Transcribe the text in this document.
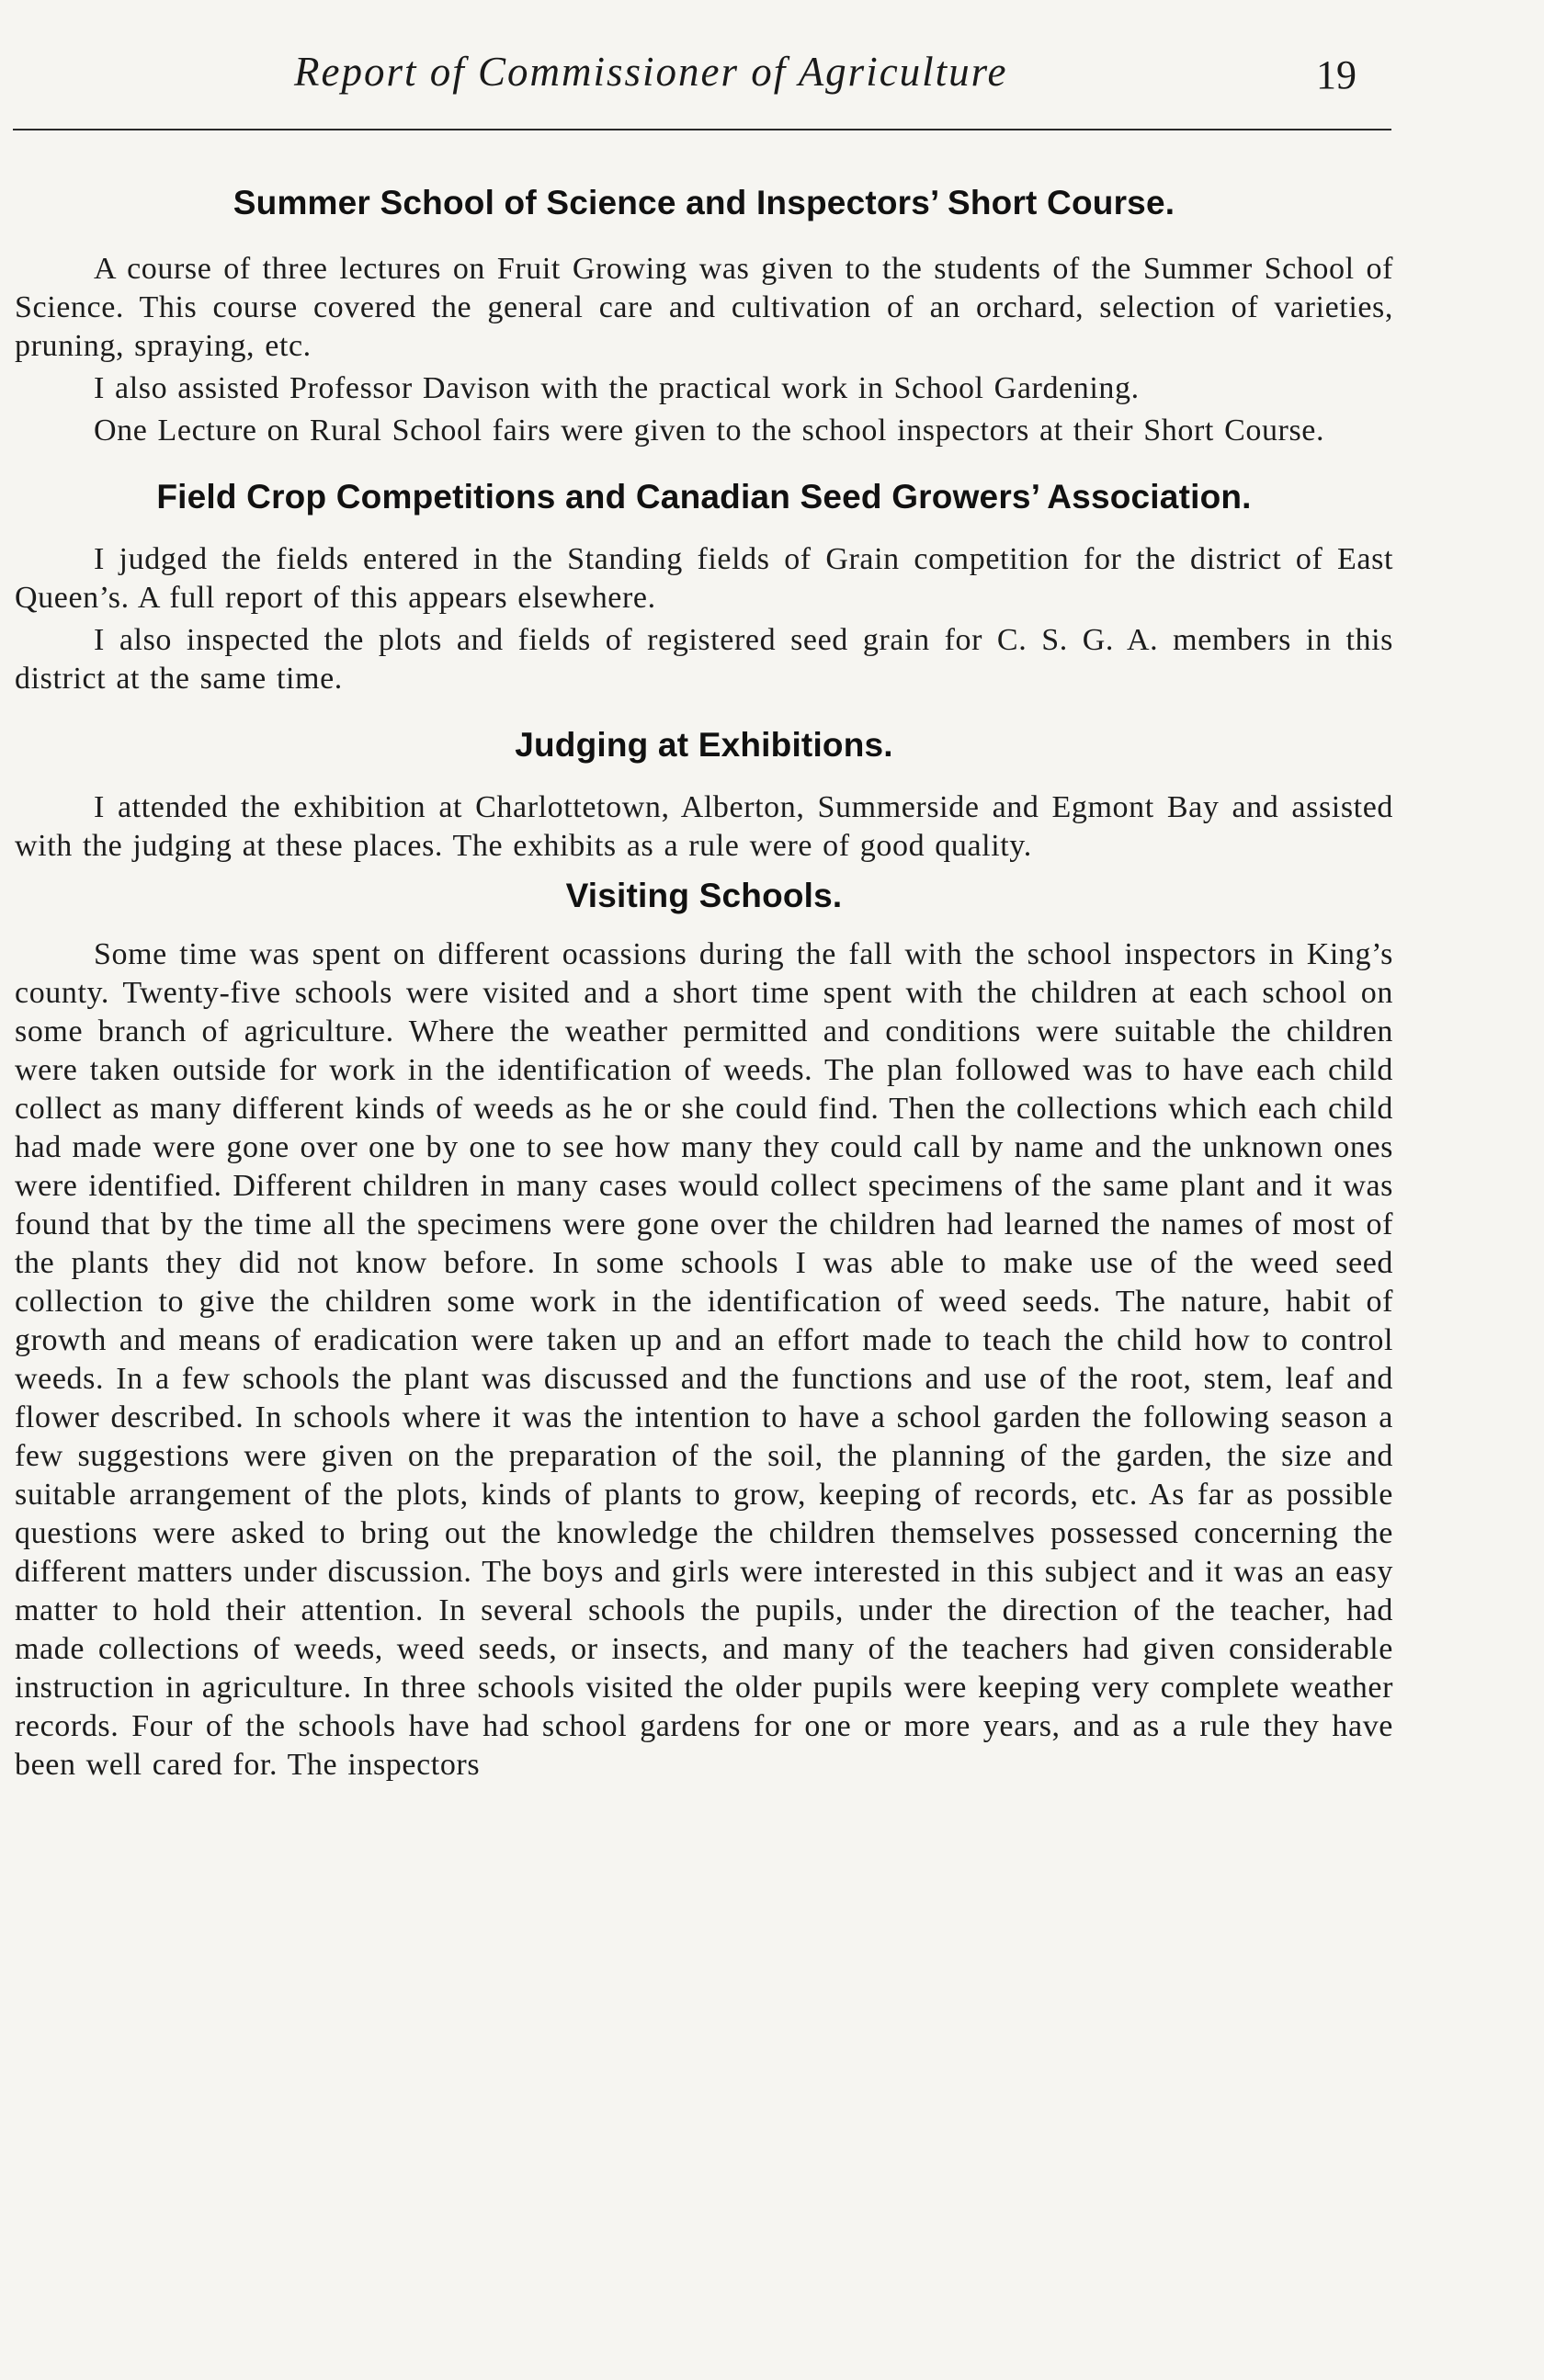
Report of Commissioner of Agriculture	19
Summer School of Science and Inspectors’ Short Course.

A course of three lectures on Fruit Growing was given to the students of the Summer School of Science. This course covered the general care and cultivation of an orchard, selection of varieties, pruning, spraying, etc.

I also assisted Professor Davison with the practical work in School Gardening.

One Lecture on Rural School fairs were given to the school inspectors at their Short Course.

Field Crop Competitions and Canadian Seed Growers’ Association.

I judged the fields entered in the Standing fields of Grain competition for the district of East Queen’s. A full report of this appears elsewhere.

I also inspected the plots and fields of registered seed grain for C. S. G. A. members in this district at the same time.

Judging at Exhibitions.

I attended the exhibition at Charlottetown, Alberton, Summerside and Egmont Bay and assisted with the judging at these places. The exhibits as a rule were of good quality.

Visiting Schools.

Some time was spent on different ocassions during the fall with the school inspectors in King’s county. Twenty-five schools were visited and a short time spent with the children at each school on some branch of agriculture. Where the weather permitted and conditions were suitable the children were taken outside for work in the identification of weeds. The plan followed was to have each child collect as many different kinds of weeds as he or she could find. Then the collections which each child had made were gone over one by one to see how many they could call by name and the unknown ones were identified. Different children in many cases would collect specimens of the same plant and it was found that by the time all the specimens were gone over the children had learned the names of most of the plants they did not know before. In some schools I was able to make use of the weed seed collection to give the children some work in the identification of weed seeds. The nature, habit of growth and means of eradication were taken up and an effort made to teach the child how to control weeds. In a few schools the plant was discussed and the functions and use of the root, stem, leaf and flower described. In schools where it was the intention to have a school garden the following season a few suggestions were given on the preparation of the soil, the planning of the garden, the size and suitable arrangement of the plots, kinds of plants to grow, keeping of records, etc. As far as possible questions were asked to bring out the knowledge the children themselves possessed concerning the different matters under discussion. The boys and girls were interested in this subject and it was an easy matter to hold their attention. In several schools the pupils, under the direction of the teacher, had made collections of weeds, weed seeds, or insects, and many of the teachers had given considerable instruction in agriculture. In three schools visited the older pupils were keeping very complete weather records. Four of the schools have had school gardens for one or more years, and as a rule they have been well cared for. The inspectors
